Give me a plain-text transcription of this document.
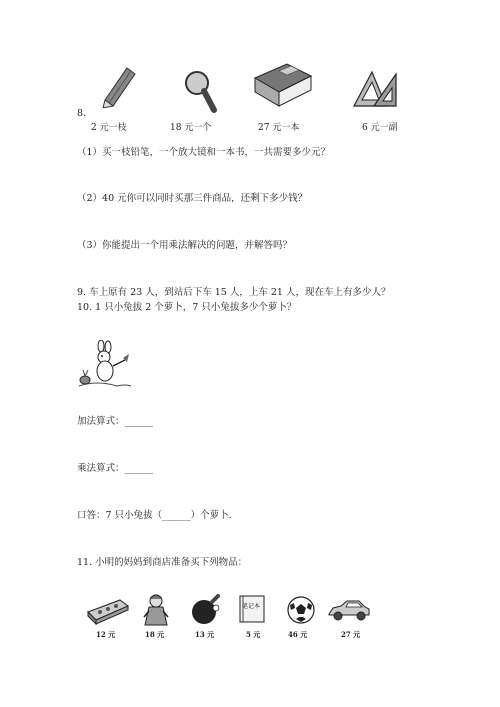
8.
2 元一枝	18 元一个	27 元一本	6 元一副
（1）买一枝铅笔，一个放大镜和一本书，一共需要多少元？
（2）40 元你可以同时买那三件商品，还剩下多少钱？
（3）你能提出一个用乘法解决的问题，并解答吗？
9. 车上原有 23 人，到站后下车 15 人，上车 21 人，现在车上有多少人？
10. 1 只小兔拔 2 个萝卜，7 只小兔拔多少个萝卜？
加法算式：______
乘法算式：______
口答：7 只小兔拔（______）个萝卜.
11. 小明的妈妈到商店准备买下列物品：
12 元	18 元	13 元
笔记本
5 元	46 元	27 元
